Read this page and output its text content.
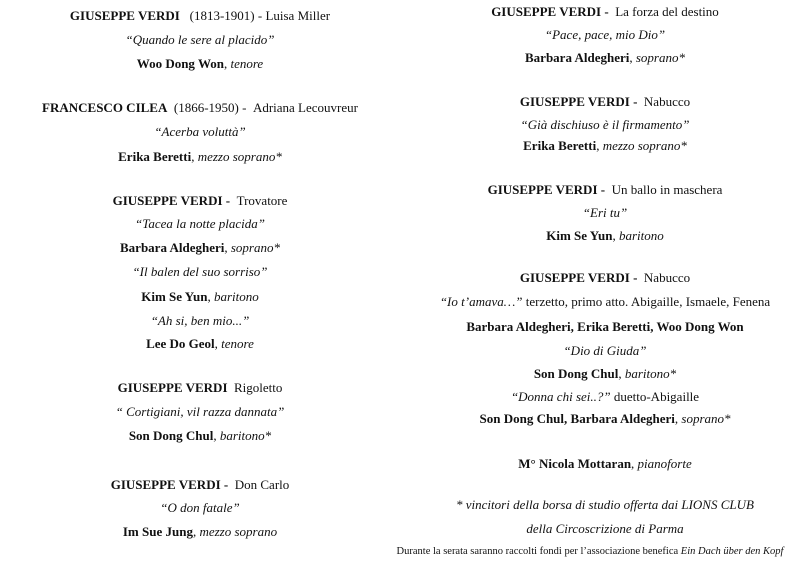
GIUSEPPE VERDI (1813-1901) - Luisa Miller
“Quando le sere al placido”
Woo Dong Won, tenore
FRANCESCO CILEA (1866-1950) - Adriana Lecouvreur
“Acerba voluttà”
Erika Beretti, mezzo soprano*
GIUSEPPE VERDI - Trovatore
“Tacea la notte placida”
Barbara Aldegheri, soprano*
“Il balen del suo sorriso”
Kim Se Yun, baritono
“Ah si, ben mio...”
Lee Do Geol, tenore
GIUSEPPE VERDI Rigoletto
“ Cortigiani, vil razza dannata”
Son Dong Chul, baritono*
GIUSEPPE VERDI - Don Carlo
“O don fatale”
Im Sue Jung, mezzo soprano
GIUSEPPE VERDI - La forza del destino
“Pace, pace, mio Dio”
Barbara Aldegheri, soprano*
GIUSEPPE VERDI - Nabucco
“Già dischiuso è il firmamento”
Erika Beretti, mezzo soprano*
GIUSEPPE VERDI - Un ballo in maschera
“Eri tu”
Kim Se Yun, baritono
GIUSEPPE VERDI - Nabucco
“Io t’amava…” terzetto, primo atto. Abigaille, Ismaele, Fenena
Barbara Aldegheri, Erika Beretti, Woo Dong Won
“Dio di Giuda”
Son Dong Chul, baritono*
“Donna chi sei..?” duetto-Abigaille
Son Dong Chul, Barbara Aldegheri, soprano*
M° Nicola Mottaran, pianoforte
* vincitori della borsa di studio offerta dai LIONS CLUB
della Circoscrizione di Parma
Durante la serata saranno raccolti fondi per l’associazione benefica Ein Dach über den Kopf
